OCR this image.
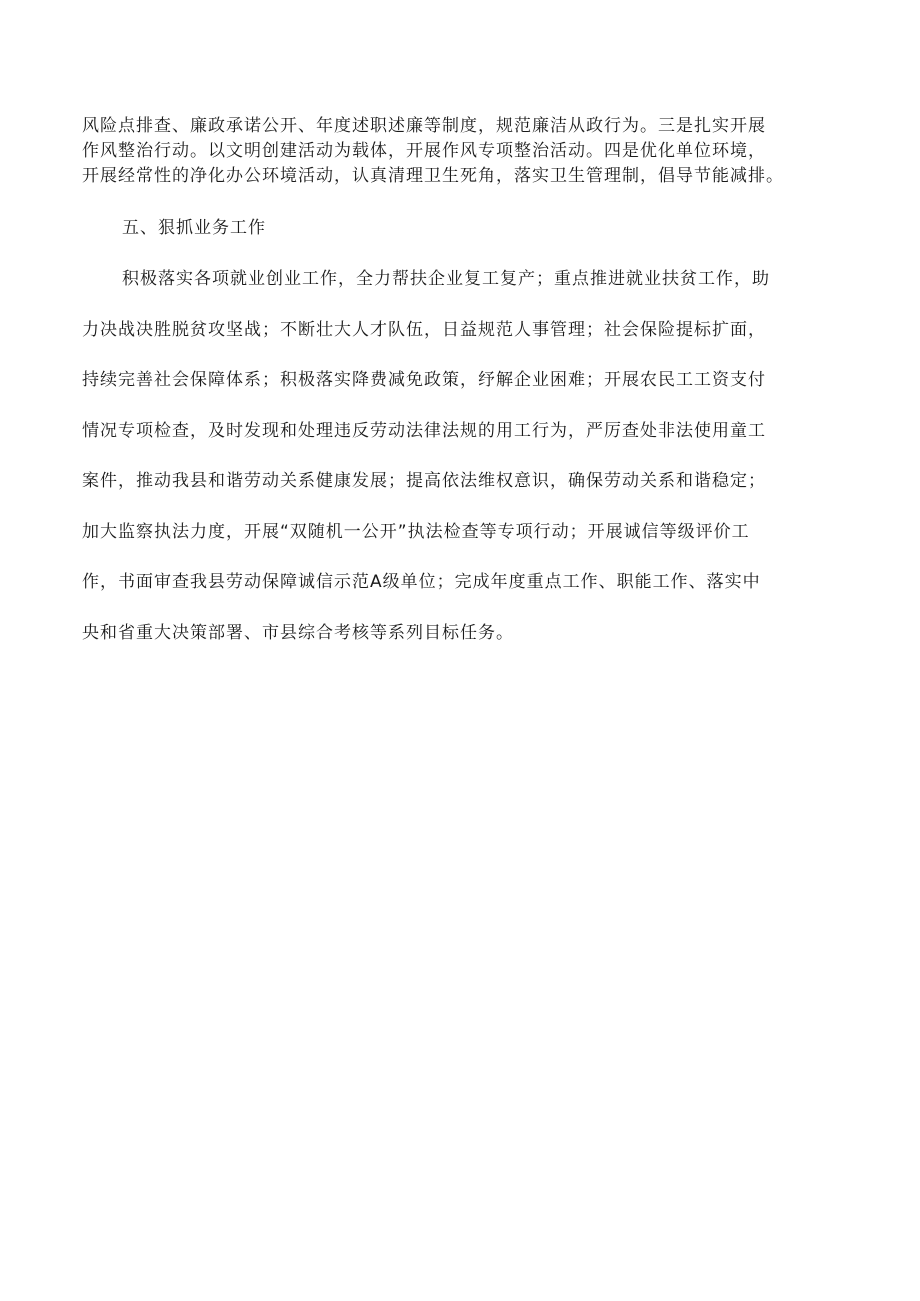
风险点排查、廉政承诺公开、年度述职述廉等制度，规范廉洁从政行为。三是扎实开展
作风整治行动。以文明创建活动为载体，开展作风专项整治活动。四是优化单位环境，
开展经常性的净化办公环境活动，认真清理卫生死角，落实卫生管理制，倡导节能减排。
五、狠抓业务工作
积极落实各项就业创业工作，全力帮扶企业复工复产；重点推进就业扶贫工作，助
力决战决胜脱贫攻坚战；不断壮大人才队伍，日益规范人事管理；社会保险提标扩面，
持续完善社会保障体系；积极落实降费减免政策，纾解企业困难；开展农民工工资支付
情况专项检查，及时发现和处理违反劳动法律法规的用工行为，严厉查处非法使用童工
案件，推动我县和谐劳动关系健康发展；提高依法维权意识，确保劳动关系和谐稳定；
加大监察执法力度，开展“双随机一公开”执法检查等专项行动；开展诚信等级评价工
作，书面审查我县劳动保障诚信示范A级单位；完成年度重点工作、职能工作、落实中
央和省重大决策部署、市县综合考核等系列目标任务。
